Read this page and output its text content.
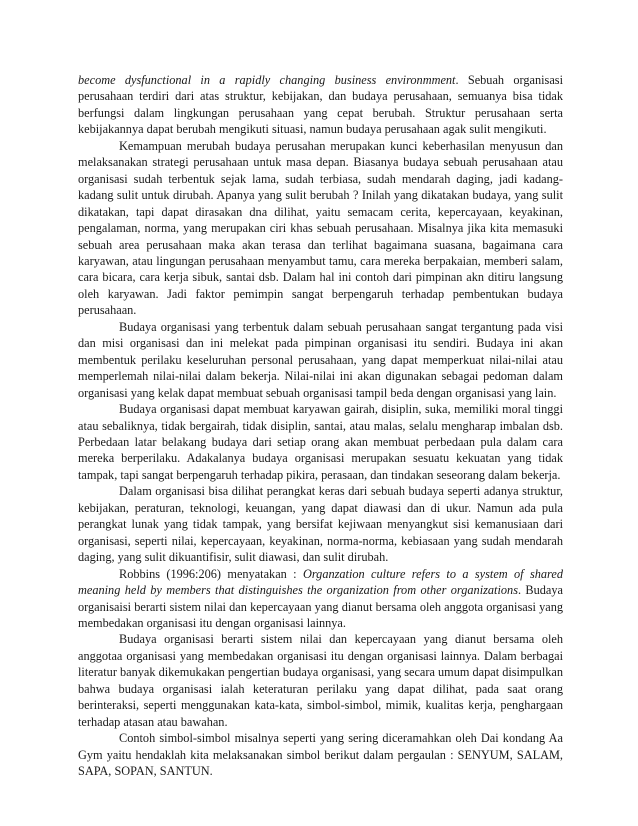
become dysfunctional in a rapidly changing business environmment. Sebuah organisasi perusahaan terdiri dari atas struktur, kebijakan, dan budaya perusahaan, semuanya bisa tidak berfungsi dalam lingkungan perusahaan yang cepat berubah. Struktur perusahaan serta kebijakannya dapat berubah mengikuti situasi, namun budaya perusahaan agak sulit mengikuti.

Kemampuan merubah budaya perusahan merupakan kunci keberhasilan menyusun dan melaksanakan strategi perusahaan untuk masa depan. Biasanya budaya sebuah perusahaan atau organisasi sudah terbentuk sejak lama, sudah terbiasa, sudah mendarah daging, jadi kadang-kadang sulit untuk dirubah. Apanya yang sulit berubah ? Inilah yang dikatakan budaya, yang sulit dikatakan, tapi dapat dirasakan dna dilihat, yaitu semacam cerita, kepercayaan, keyakinan, pengalaman, norma, yang merupakan ciri khas sebuah perusahaan. Misalnya jika kita memasuki sebuah area perusahaan maka akan terasa dan terlihat bagaimana suasana, bagaimana cara karyawan, atau lingungan perusahaan menyambut tamu, cara mereka berpakaian, memberi salam, cara bicara, cara kerja sibuk, santai dsb. Dalam hal ini contoh dari pimpinan akn ditiru langsung oleh karyawan. Jadi faktor pemimpin sangat berpengaruh terhadap pembentukan budaya perusahaan.

Budaya organisasi yang terbentuk dalam sebuah perusahaan sangat tergantung pada visi dan misi organisasi dan ini melekat pada pimpinan organisasi itu sendiri. Budaya ini akan membentuk perilaku keseluruhan personal perusahaan, yang dapat memperkuat nilai-nilai atau memperlemah nilai-nilai dalam bekerja. Nilai-nilai ini akan digunakan sebagai pedoman dalam organisasi yang kelak dapat membuat sebuah organisasi tampil beda dengan organisasi yang lain.

Budaya organisasi dapat membuat karyawan gairah, disiplin, suka, memiliki moral tinggi atau sebaliknya, tidak bergairah, tidak disiplin, santai, atau malas, selalu mengharap imbalan dsb. Perbedaan latar belakang budaya dari setiap orang akan membuat perbedaan pula dalam cara mereka berperilaku. Adakalanya budaya organisasi merupakan sesuatu kekuatan yang tidak tampak, tapi sangat berpengaruh terhadap pikira, perasaan, dan tindakan seseorang dalam bekerja.

Dalam organisasi bisa dilihat perangkat keras dari sebuah budaya seperti adanya struktur, kebijakan, peraturan, teknologi, keuangan, yang dapat diawasi dan di ukur. Namun ada pula perangkat lunak yang tidak tampak, yang bersifat kejiwaan menyangkut sisi kemanusiaan dari organisasi, seperti nilai, kepercayaan, keyakinan, norma-norma, kebiasaan yang sudah mendarah daging, yang sulit dikuantifisir, sulit diawasi, dan sulit dirubah.

Robbins (1996:206) menyatakan : Organzation culture refers to a system of shared meaning held by members that distinguishes the organization from other organizations. Budaya organisaisi berarti sistem nilai dan kepercayaan yang dianut bersama oleh anggota organisasi yang membedakan organisasi itu dengan organisasi lainnya.

Budaya organisasi berarti sistem nilai dan kepercayaan yang dianut bersama oleh anggotaa organisasi yang membedakan organisasi itu dengan organisasi lainnya. Dalam berbagai literatur banyak dikemukakan pengertian budaya organisasi, yang secara umum dapat disimpulkan bahwa budaya organisasi ialah keteraturan perilaku yang dapat dilihat, pada saat orang berinteraksi, seperti menggunakan kata-kata, simbol-simbol, mimik, kualitas kerja, penghargaan terhadap atasan atau bawahan.

Contoh simbol-simbol misalnya seperti yang sering diceramahkan oleh Dai kondang Aa Gym yaitu hendaklah kita melaksanakan simbol berikut dalam pergaulan : SENYUM, SALAM, SAPA, SOPAN, SANTUN.
